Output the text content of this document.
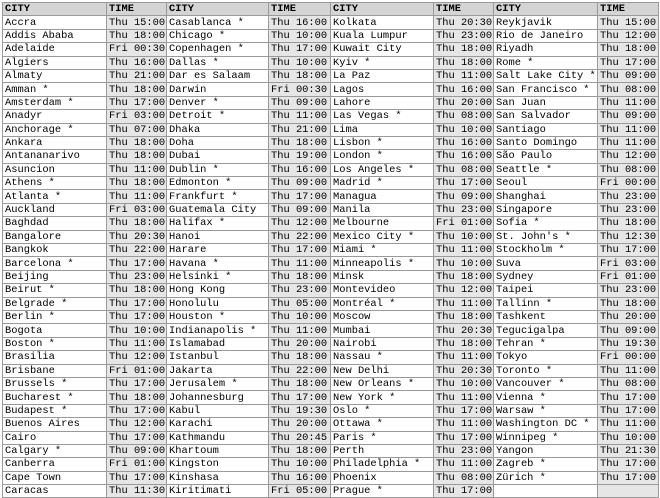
CITY	TIME	CITY	TIME	CITY	TIME	CITY	TIME
Accra	Thu 15:00	Casablanca *	Thu 16:00	Kolkata	Thu 20:30	Reykjavik	Thu 15:00
Addis Ababa	Thu 18:00	Chicago *	Thu 10:00	Kuala Lumpur	Thu 23:00	Rio de Janeiro	Thu 12:00
Adelaide	Fri 00:30	Copenhagen *	Thu 17:00	Kuwait City	Thu 18:00	Riyadh	Thu 18:00
Algiers	Thu 16:00	Dallas *	Thu 10:00	Kyiv *	Thu 18:00	Rome *	Thu 17:00
Almaty	Thu 21:00	Dar es Salaam	Thu 18:00	La Paz	Thu 11:00	Salt Lake City *	Thu 09:00
Amman *	Thu 18:00	Darwin	Fri 00:30	Lagos	Thu 16:00	San Francisco *	Thu 08:00
Amsterdam *	Thu 17:00	Denver *	Thu 09:00	Lahore	Thu 20:00	San Juan	Thu 11:00
Anadyr	Fri 03:00	Detroit *	Thu 11:00	Las Vegas *	Thu 08:00	San Salvador	Thu 09:00
Anchorage *	Thu 07:00	Dhaka	Thu 21:00	Lima	Thu 10:00	Santiago	Thu 11:00
Ankara	Thu 18:00	Doha	Thu 18:00	Lisbon *	Thu 16:00	Santo Domingo	Thu 11:00
Antananarivo	Thu 18:00	Dubai	Thu 19:00	London *	Thu 16:00	São Paulo	Thu 12:00
Asuncion	Thu 11:00	Dublin *	Thu 16:00	Los Angeles *	Thu 08:00	Seattle *	Thu 08:00
Athens *	Thu 18:00	Edmonton *	Thu 09:00	Madrid *	Thu 17:00	Seoul	Fri 00:00
Atlanta *	Thu 11:00	Frankfurt *	Thu 17:00	Managua	Thu 09:00	Shanghai	Thu 23:00
Auckland	Fri 03:00	Guatemala City	Thu 09:00	Manila	Thu 23:00	Singapore	Thu 23:00
Baghdad	Thu 18:00	Halifax *	Thu 12:00	Melbourne	Fri 01:00	Sofia *	Thu 18:00
Bangalore	Thu 20:30	Hanoi	Thu 22:00	Mexico City *	Thu 10:00	St. John's *	Thu 12:30
Bangkok	Thu 22:00	Harare	Thu 17:00	Miami *	Thu 11:00	Stockholm *	Thu 17:00
Barcelona *	Thu 17:00	Havana *	Thu 11:00	Minneapolis *	Thu 10:00	Suva	Fri 03:00
Beijing	Thu 23:00	Helsinki *	Thu 18:00	Minsk	Thu 18:00	Sydney	Fri 01:00
Beirut *	Thu 18:00	Hong Kong	Thu 23:00	Montevideo	Thu 12:00	Taipei	Thu 23:00
Belgrade *	Thu 17:00	Honolulu	Thu 05:00	Montréal *	Thu 11:00	Tallinn *	Thu 18:00
Berlin *	Thu 17:00	Houston *	Thu 10:00	Moscow	Thu 18:00	Tashkent	Thu 20:00
Bogota	Thu 10:00	Indianapolis *	Thu 11:00	Mumbai	Thu 20:30	Tegucigalpa	Thu 09:00
Boston *	Thu 11:00	Islamabad	Thu 20:00	Nairobi	Thu 18:00	Tehran *	Thu 19:30
Brasilia	Thu 12:00	Istanbul	Thu 18:00	Nassau *	Thu 11:00	Tokyo	Fri 00:00
Brisbane	Fri 01:00	Jakarta	Thu 22:00	New Delhi	Thu 20:30	Toronto *	Thu 11:00
Brussels *	Thu 17:00	Jerusalem *	Thu 18:00	New Orleans *	Thu 10:00	Vancouver *	Thu 08:00
Bucharest *	Thu 18:00	Johannesburg	Thu 17:00	New York *	Thu 11:00	Vienna *	Thu 17:00
Budapest *	Thu 17:00	Kabul	Thu 19:30	Oslo *	Thu 17:00	Warsaw *	Thu 17:00
Buenos Aires	Thu 12:00	Karachi	Thu 20:00	Ottawa *	Thu 11:00	Washington DC *	Thu 11:00
Cairo	Thu 17:00	Kathmandu	Thu 20:45	Paris *	Thu 17:00	Winnipeg *	Thu 10:00
Calgary *	Thu 09:00	Khartoum	Thu 18:00	Perth	Thu 23:00	Yangon	Thu 21:30
Canberra	Fri 01:00	Kingston	Thu 10:00	Philadelphia *	Thu 11:00	Zagreb *	Thu 17:00
Cape Town	Thu 17:00	Kinshasa	Thu 16:00	Phoenix	Thu 08:00	Zürich *	Thu 17:00
Caracas	Thu 11:30	Kiritimati	Fri 05:00	Prague *	Thu 17:00		
